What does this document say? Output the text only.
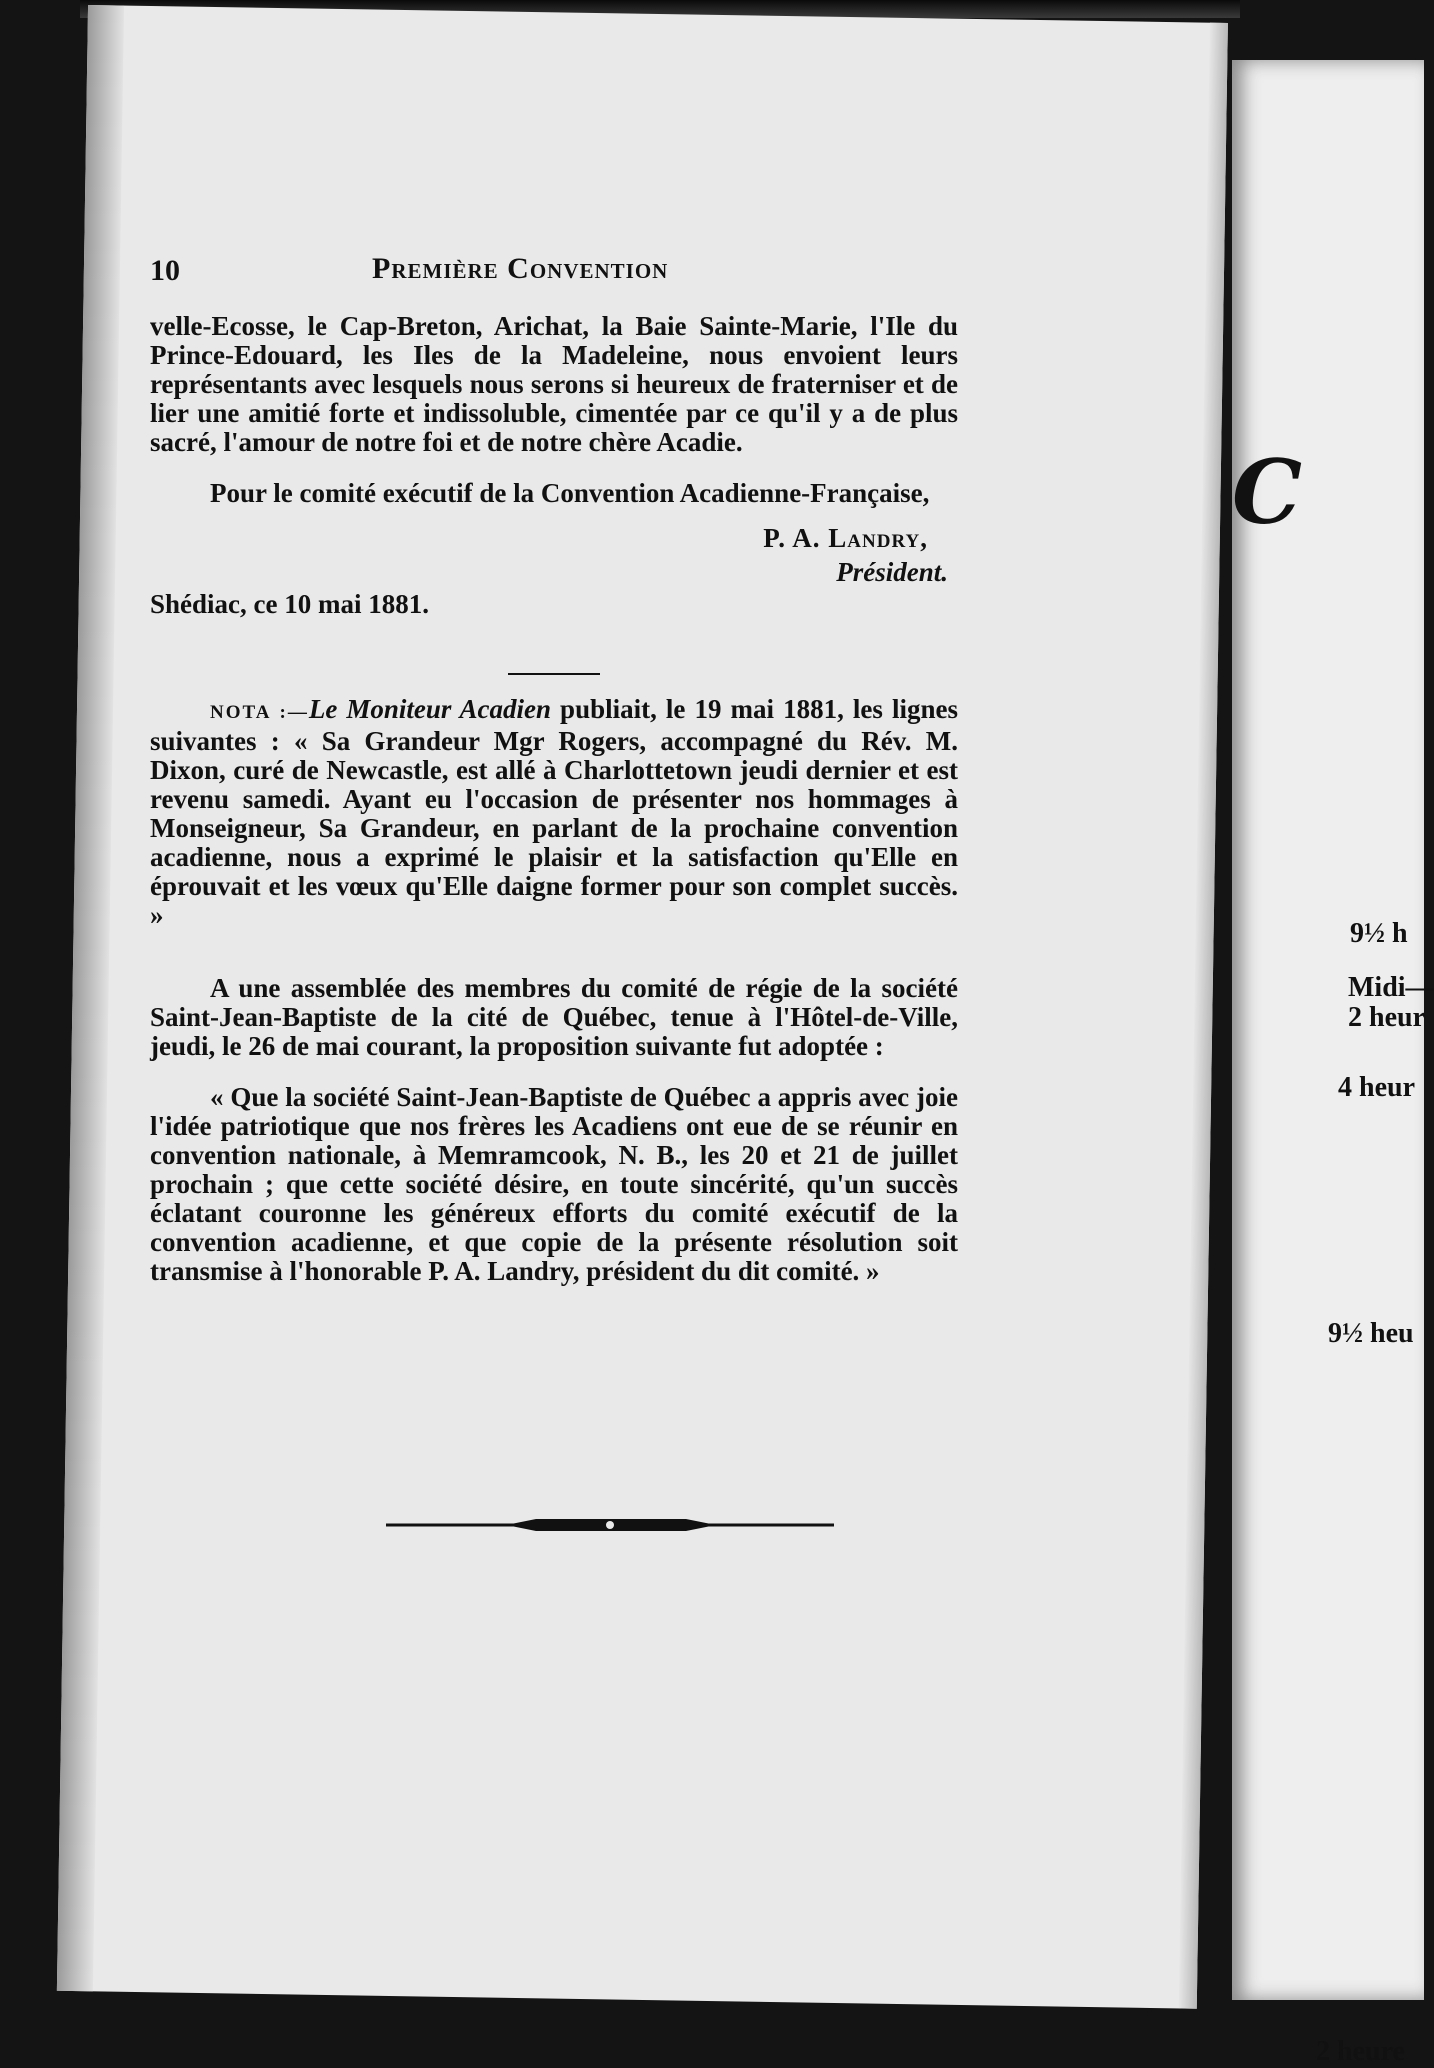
10	Première Convention

velle-Ecosse, le Cap-Breton, Arichat, la Baie Sainte-Marie, l'Ile du Prince-Edouard, les Iles de la Madeleine, nous envoient leurs représentants avec lesquels nous serons si heureux de fraterniser et de lier une amitié forte et indissoluble, cimentée par ce qu'il y a de plus sacré, l'amour de notre foi et de notre chère Acadie.

Pour le comité exécutif de la Convention Acadienne-Française,

P. A. Landry,
Président.

Shédiac, ce 10 mai 1881.

NOTA :—Le Moniteur Acadien publiait, le 19 mai 1881, les lignes suivantes : « Sa Grandeur Mgr Rogers, accompagné du Rév. M. Dixon, curé de Newcastle, est allé à Charlottetown jeudi dernier et est revenu samedi. Ayant eu l'occasion de présenter nos hommages à Monseigneur, Sa Grandeur, en parlant de la prochaine convention acadienne, nous a exprimé le plaisir et la satisfaction qu'Elle en éprouvait et les vœux qu'Elle daigne former pour son complet succès. »

A une assemblée des membres du comité de régie de la société Saint-Jean-Baptiste de la cité de Québec, tenue à l'Hôtel-de-Ville, jeudi, le 26 de mai courant, la proposition suivante fut adoptée :

« Que la société Saint-Jean-Baptiste de Québec a appris avec joie l'idée patriotique que nos frères les Acadiens ont eue de se réunir en convention nationale, à Memramcook, N. B., les 20 et 21 de juillet prochain ; que cette société désire, en toute sincérité, qu'un succès éclatant couronne les généreux efforts du comité exécutif de la convention acadienne, et que copie de la présente résolution soit transmise à l'honorable P. A. Landry, président du dit comité. »

C
9½ h
Midi—
2 heur
4 heur
9½ heu
2 heure
